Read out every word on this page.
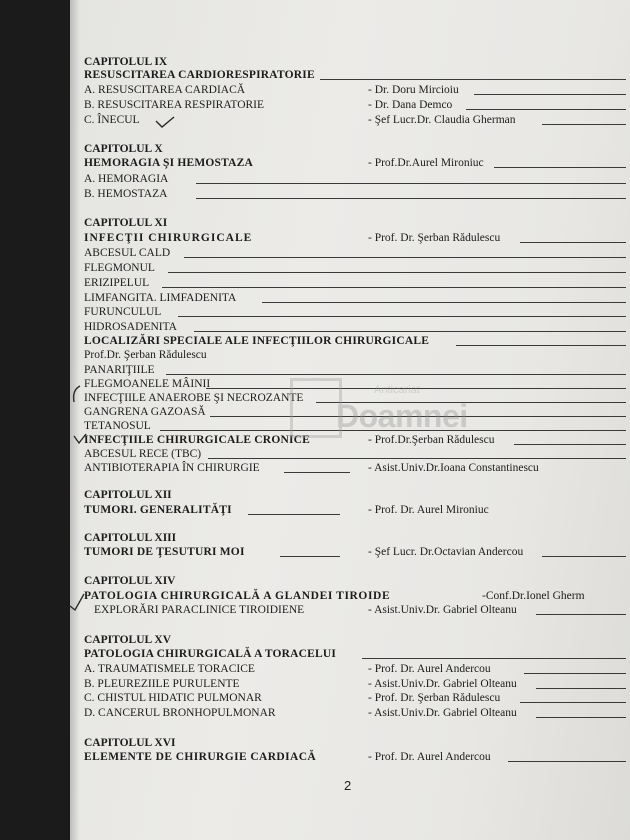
CAPITOLUL IX
RESUSCITAREA CARDIORESPIRATORIE
A. RESUSCITAREA CARDIACĂ	- Dr. Doru Mircioiu
B. RESUSCITAREA RESPIRATORIE	- Dr. Dana Demco
C. ÎNECUL	- Şef Lucr.Dr. Claudia Gherman
CAPITOLUL X
HEMORAGIA ŞI HEMOSTAZA	- Prof.Dr.Aurel Mironiuc
A. HEMORAGIA
B. HEMOSTAZA
CAPITOLUL XI
INFECŢII CHIRURGICALE	- Prof. Dr. Şerban Rădulescu
ABCESUL CALD
FLEGMONUL
ERIZIPELUL
LIMFANGITA. LIMFADENITA
FURUNCULUL
HIDROSADENITA
LOCALIZĂRI SPECIALE ALE INFECŢIILOR CHIRURGICALE
Prof.Dr. Şerban Rădulescu
PANARIŢIILE
FLEGMOANELE MÂINII
INFECŢIILE ANAEROBE ŞI NECROZANTE
GANGRENA GAZOASĂ
TETANOSUL
INFECŢIILE CHIRURGICALE CRONICE	- Prof.Dr.Şerban Rădulescu
ABCESUL RECE (TBC)
ANTIBIOTERAPIA ÎN CHIRURGIE	- Asist.Univ.Dr.Ioana Constantinescu
CAPITOLUL XII
TUMORI. GENERALITĂŢI	- Prof. Dr. Aurel Mironiuc
CAPITOLUL XIII
TUMORI DE ŢESUTURI MOI	- Şef Lucr. Dr.Octavian Andercou
CAPITOLUL XIV
PATOLOGIA CHIRURGICALĂ A GLANDEI TIROIDE	-Conf.Dr.Ionel Gherm
EXPLORĂRI PARACLINICE TIROIDIENE	- Asist.Univ.Dr. Gabriel Olteanu
CAPITOLUL XV
PATOLOGIA CHIRURGICALĂ A TORACELUI
A. TRAUMATISMELE TORACICE	- Prof. Dr. Aurel Andercou
B. PLEUREZIILE PURULENTE	- Asist.Univ.Dr. Gabriel Olteanu
C. CHISTUL HIDATIC PULMONAR	- Prof. Dr. Şerban Rădulescu
D. CANCERUL BRONHOPULMONAR	- Asist.Univ.Dr. Gabriel Olteanu
CAPITOLUL XVI
ELEMENTE DE CHIRURGIE CARDIACĂ	- Prof. Dr. Aurel Andercou
2
Anticariat
Doamnei
